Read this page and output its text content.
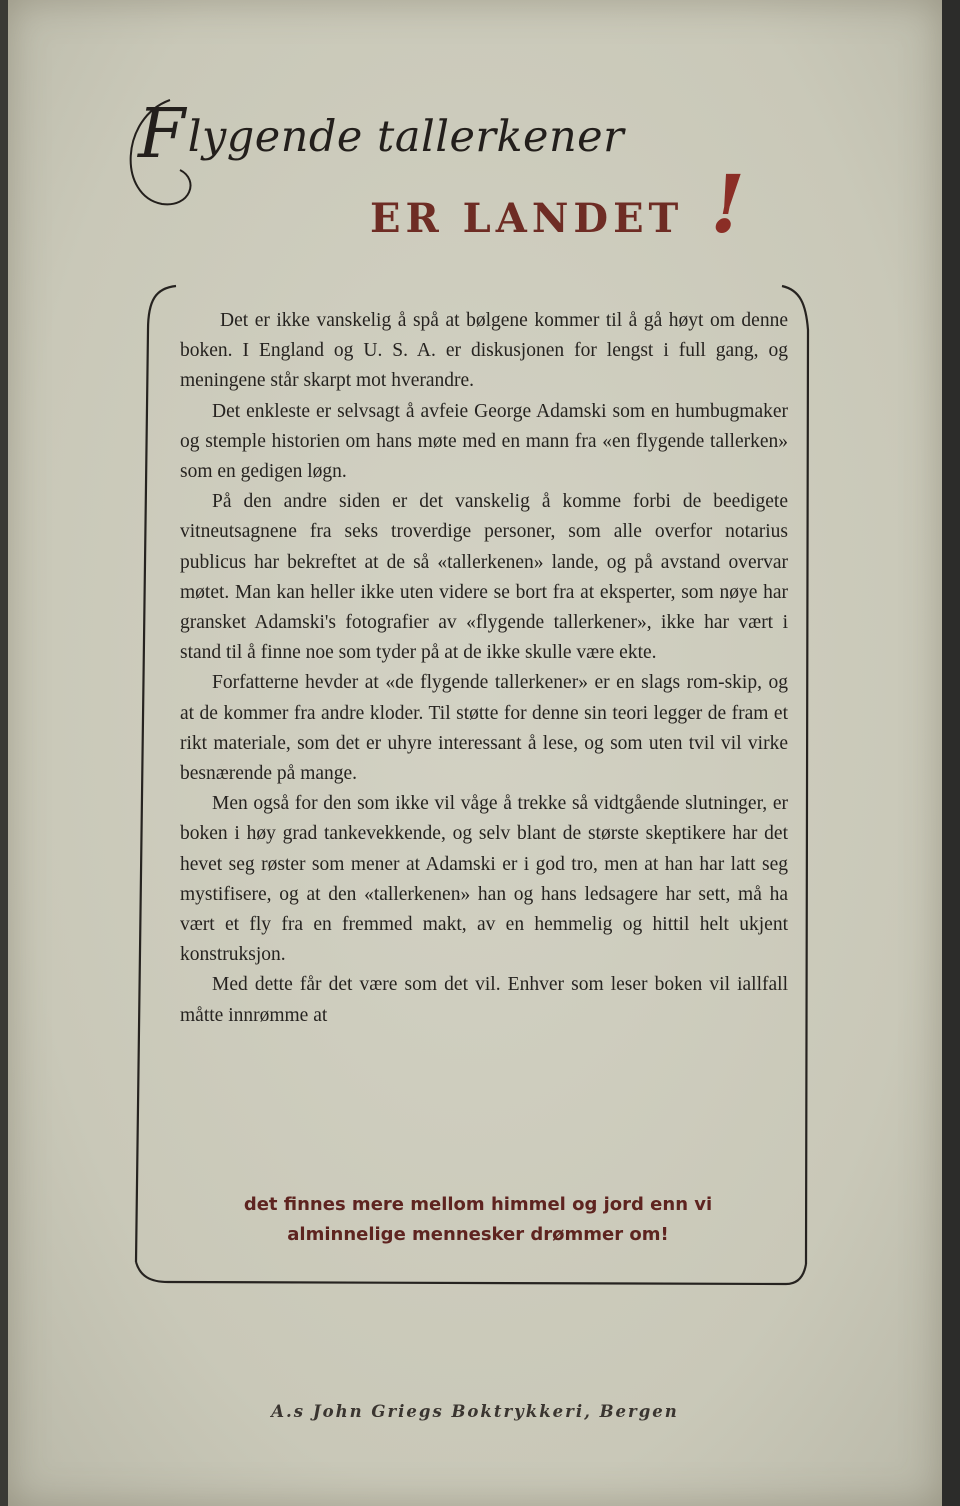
Flygende tallerkener
ER LANDET !

Det er ikke vanskelig å spå at bølgene kommer til å gå høyt om denne boken. I England og U. S. A. er diskusjonen for lengst i full gang, og meningene står skarpt mot hverandre.

Det enkleste er selvsagt å avfeie George Adamski som en humbugmaker og stemple historien om hans møte med en mann fra «en flygende tallerken» som en gedigen løgn.

På den andre siden er det vanskelig å komme forbi de beedigete vitneutsagnene fra seks troverdige personer, som alle overfor notarius publicus har bekreftet at de så «tallerkenen» lande, og på avstand overvar møtet. Man kan heller ikke uten videre se bort fra at eksperter, som nøye har gransket Adamski's fotografier av «flygende tallerkener», ikke har vært i stand til å finne noe som tyder på at de ikke skulle være ekte.

Forfatterne hevder at «de flygende tallerkener» er en slags rom-skip, og at de kommer fra andre kloder. Til støtte for denne sin teori legger de fram et rikt materiale, som det er uhyre interessant å lese, og som uten tvil vil virke besnærende på mange.

Men også for den som ikke vil våge å trekke så vidtgående slutninger, er boken i høy grad tankevekkende, og selv blant de største skeptikere har det hevet seg røster som mener at Adamski er i god tro, men at han har latt seg mystifisere, og at den «tallerkenen» han og hans ledsagere har sett, må ha vært et fly fra en fremmed makt, av en hemmelig og hittil helt ukjent konstruksjon.

Med dette får det være som det vil. Enhver som leser boken vil iallfall måtte innrømme at

det finnes mere mellom himmel og jord enn vi
alminnelige mennesker drømmer om!
A.s John Griegs Boktrykkeri, Bergen
